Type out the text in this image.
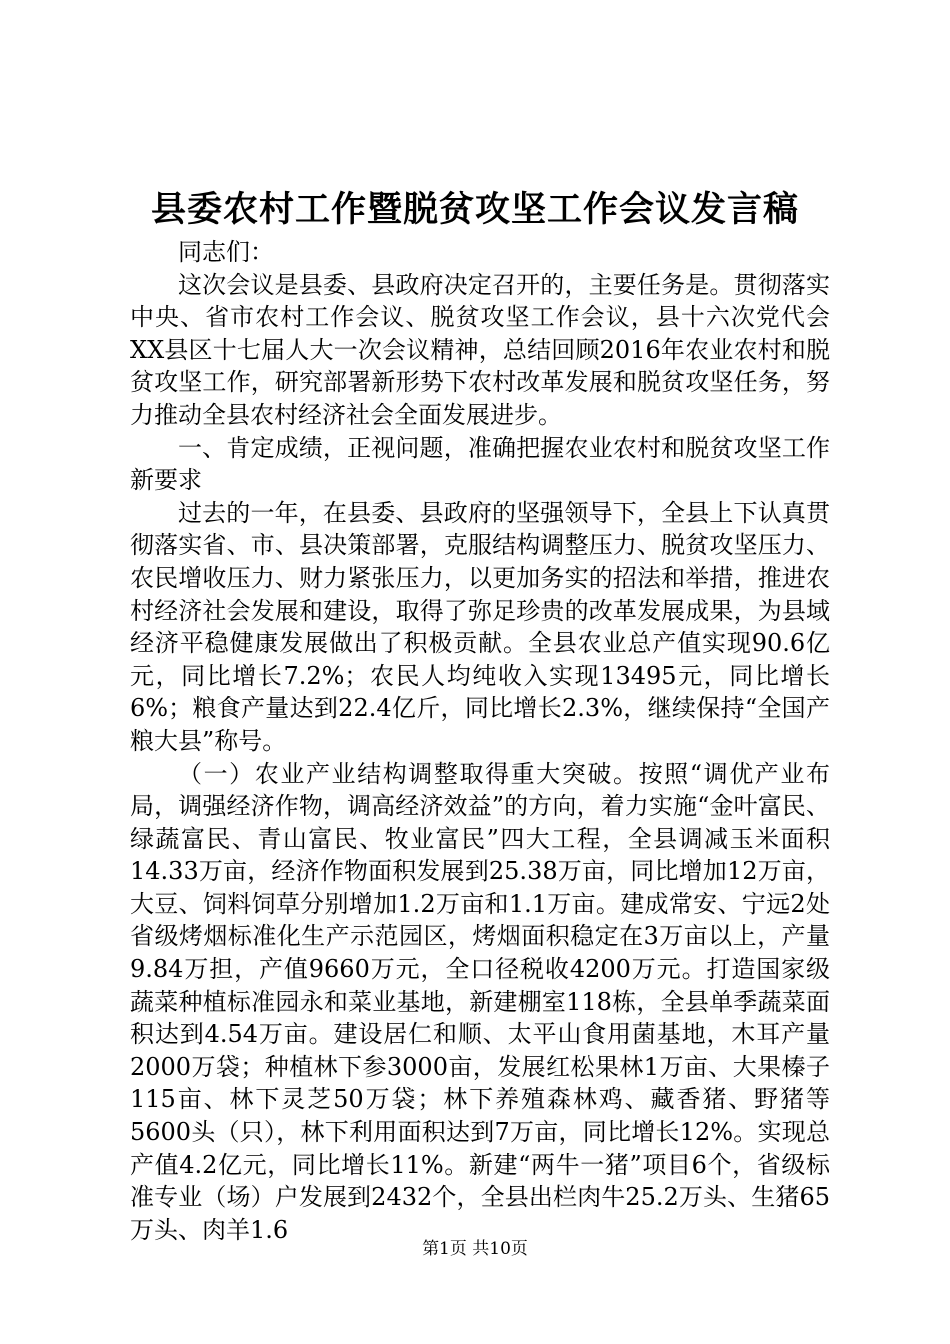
县委农村工作暨脱贫攻坚工作会议发言稿

同志们：

这次会议是县委、县政府决定召开的，主要任务是。贯彻落实中央、省市农村工作会议、脱贫攻坚工作会议，县十六次党代会XX县区十七届人大一次会议精神，总结回顾2016年农业农村和脱贫攻坚工作，研究部署新形势下农村改革发展和脱贫攻坚任务，努力推动全县农村经济社会全面发展进步。

一、肯定成绩，正视问题，准确把握农业农村和脱贫攻坚工作新要求

过去的一年，在县委、县政府的坚强领导下，全县上下认真贯彻落实省、市、县决策部署，克服结构调整压力、脱贫攻坚压力、农民增收压力、财力紧张压力，以更加务实的招法和举措，推进农村经济社会发展和建设，取得了弥足珍贵的改革发展成果，为县域经济平稳健康发展做出了积极贡献。全县农业总产值实现90.6亿元，同比增长7.2%；农民人均纯收入实现13495元，同比增长6%；粮食产量达到22.4亿斤，同比增长2.3%，继续保持“全国产粮大县”称号。

（一）农业产业结构调整取得重大突破。按照“调优产业布局，调强经济作物，调高经济效益”的方向，着力实施“金叶富民、绿蔬富民、青山富民、牧业富民”四大工程，全县调减玉米面积14.33万亩，经济作物面积发展到25.38万亩，同比增加12万亩，大豆、饲料饲草分别增加1.2万亩和1.1万亩。建成常安、宁远2处省级烤烟标准化生产示范园区，烤烟面积稳定在3万亩以上，产量9.84万担，产值9660万元，全口径税收4200万元。打造国家级蔬菜种植标准园永和菜业基地，新建棚室118栋，全县单季蔬菜面积达到4.54万亩。建设居仁和顺、太平山食用菌基地，木耳产量2000万袋；种植林下参3000亩，发展红松果林1万亩、大果榛子115亩、林下灵芝50万袋；林下养殖森林鸡、藏香猪、野猪等5600头（只），林下利用面积达到7万亩，同比增长12%。实现总产值4.2亿元，同比增长11%。新建“两牛一猪”项目6个，省级标准专业（场）户发展到2432个，全县出栏肉牛25.2万头、生猪65万头、肉羊1.6

第1页 共10页
